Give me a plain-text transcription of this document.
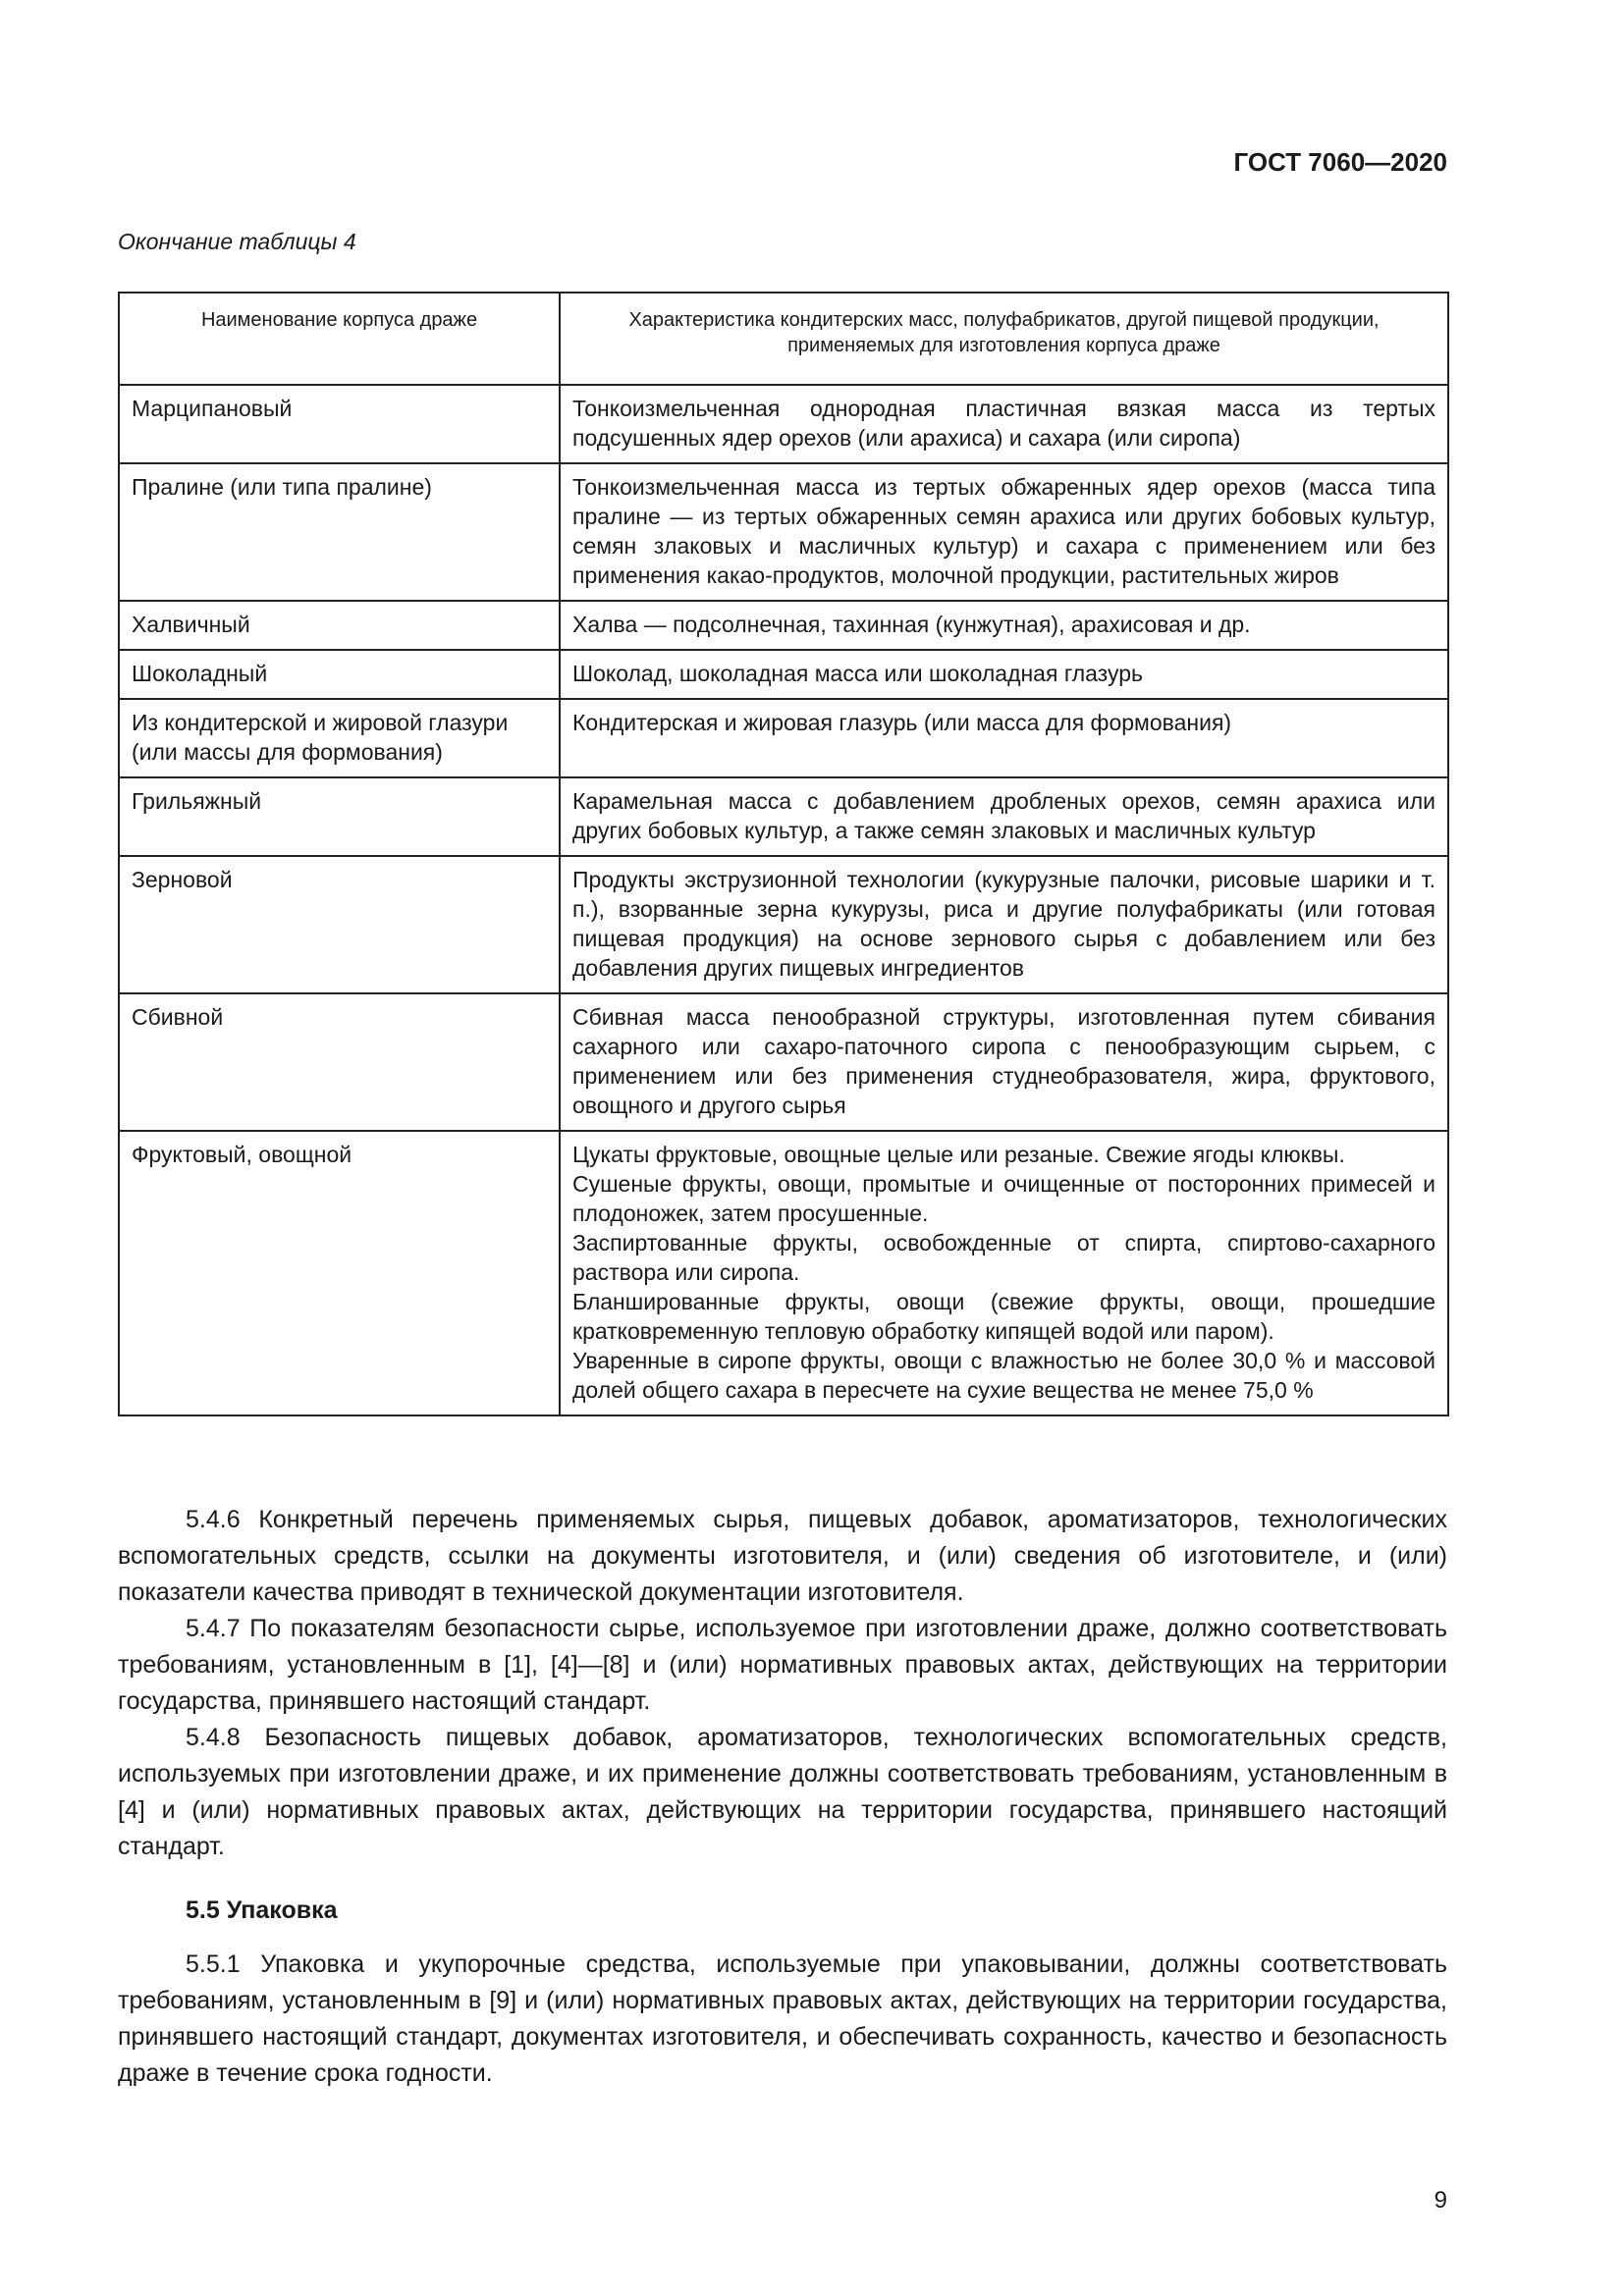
ГОСТ 7060—2020
Окончание таблицы 4
Наименование корпуса драже	Характеристика кондитерских масс, полуфабрикатов, другой пищевой продукции, применяемых для изготовления корпуса драже
Марципановый	Тонкоизмельченная однородная пластичная вязкая масса из тертых подсушенных ядер орехов (или арахиса) и сахара (или сиропа)

Пралине (или типа пралине)	Тонкоизмельченная масса из тертых обжаренных ядер орехов (масса типа пралине — из тертых обжаренных семян арахиса или других бобовых культур, семян злаковых и масличных культур) и сахара с применением или без применения какао-продуктов, молочной продукции, растительных жиров

Халвичный	Халва — подсолнечная, тахинная (кунжутная), арахисовая и др.

Шоколадный	Шоколад, шоколадная масса или шоколадная глазурь

Из кондитерской и жировой глазури (или массы для формования)	Кондитерская и жировая глазурь (или масса для формования)

Грильяжный	Карамельная масса с добавлением дробленых орехов, семян арахиса или других бобовых культур, а также семян злаковых и масличных культур

Зерновой	Продукты экструзионной технологии (кукурузные палочки, рисовые шарики и т. п.), взорванные зерна кукурузы, риса и другие полуфабрикаты (или готовая пищевая продукция) на основе зернового сырья с добавлением или без добавления других пищевых ингредиентов

Сбивной	Сбивная масса пенообразной структуры, изготовленная путем сбивания сахарного или сахаро-паточного сиропа с пенообразующим сырьем, с применением или без применения студнеобразователя, жира, фруктового, овощного и другого сырья

Фруктовый, овощной	Цукаты фруктовые, овощные целые или резаные. Свежие ягоды клюквы.
Сушеные фрукты, овощи, промытые и очищенные от посторонних примесей и плодоножек, затем просушенные.
Заспиртованные фрукты, освобожденные от спирта, спиртово-сахарного раствора или сиропа.
Бланшированные фрукты, овощи (свежие фрукты, овощи, прошедшие кратковременную тепловую обработку кипящей водой или паром).
Уваренные в сиропе фрукты, овощи с влажностью не более 30,0 % и массовой долей общего сахара в пересчете на сухие вещества не менее 75,0 %

5.4.6 Конкретный перечень применяемых сырья, пищевых добавок, ароматизаторов, технологических вспомогательных средств, ссылки на документы изготовителя, и (или) сведения об изготовителе, и (или) показатели качества приводят в технической документации изготовителя.

5.4.7 По показателям безопасности сырье, используемое при изготовлении драже, должно соответствовать требованиям, установленным в [1], [4]—[8] и (или) нормативных правовых актах, действующих на территории государства, принявшего настоящий стандарт.

5.4.8 Безопасность пищевых добавок, ароматизаторов, технологических вспомогательных средств, используемых при изготовлении драже, и их применение должны соответствовать требованиям, установленным в [4] и (или) нормативных правовых актах, действующих на территории государства, принявшего настоящий стандарт.

5.5 Упаковка

5.5.1 Упаковка и укупорочные средства, используемые при упаковывании, должны соответствовать требованиям, установленным в [9] и (или) нормативных правовых актах, действующих на территории государства, принявшего настоящий стандарт, документах изготовителя, и обеспечивать сохранность, качество и безопасность драже в течение срока годности.

9
